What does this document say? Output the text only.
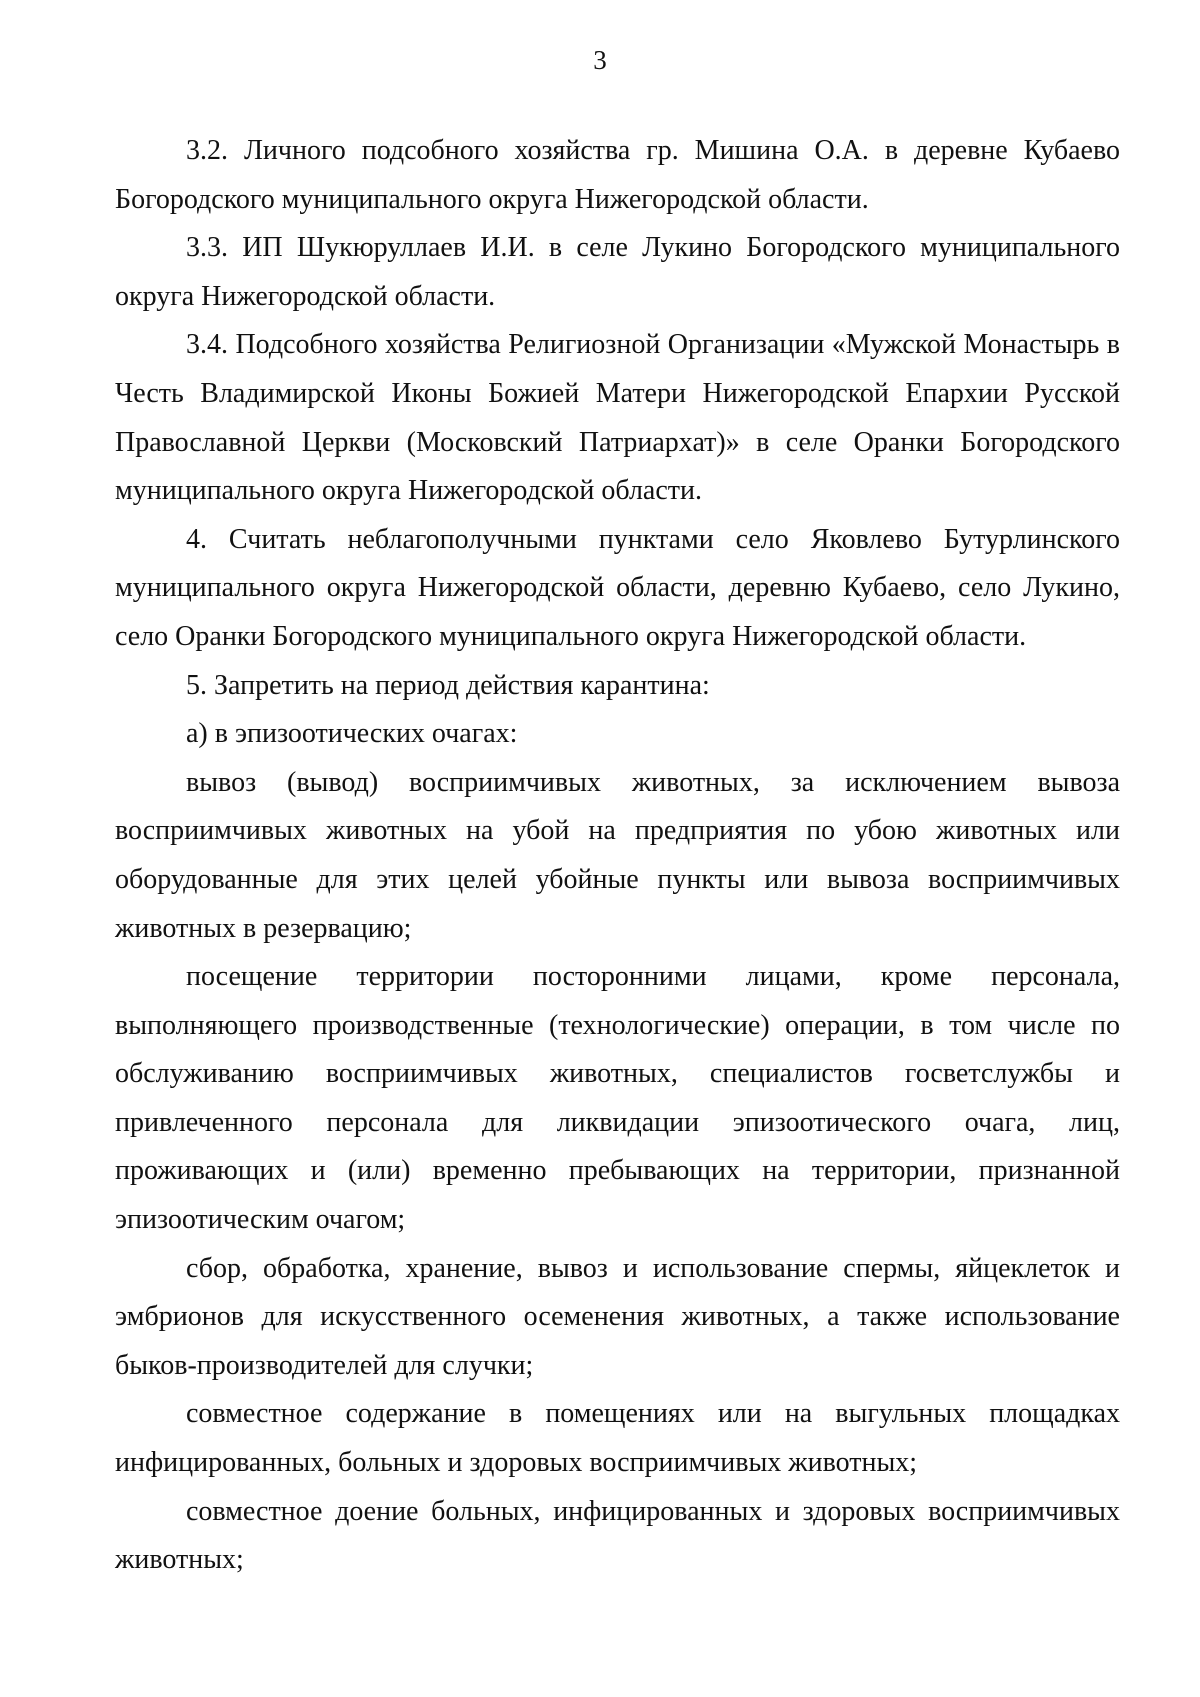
3

3.2. Личного подсобного хозяйства гр. Мишина О.А. в деревне Кубаево Богородского муниципального округа Нижегородской области.

3.3. ИП Шукюруллаев И.И. в селе Лукино Богородского муниципального округа Нижегородской области.

3.4. Подсобного хозяйства Религиозной Организации «Мужской Монастырь в Честь Владимирской Иконы Божией Матери Нижегородской Епархии Русской Православной Церкви (Московский Патриархат)» в селе Оранки Богородского муниципального округа Нижегородской области.

4. Считать неблагополучными пунктами село Яковлево Бутурлинского муниципального округа Нижегородской области, деревню Кубаево, село Лукино, село Оранки Богородского муниципального округа Нижегородской области.

5. Запретить на период действия карантина:

а) в эпизоотических очагах:

вывоз (вывод) восприимчивых животных, за исключением вывоза восприимчивых животных на убой на предприятия по убою животных или оборудованные для этих целей убойные пункты или вывоза восприимчивых животных в резервацию;

посещение территории посторонними лицами, кроме персонала, выполняющего производственные (технологические) операции, в том числе по обслуживанию восприимчивых животных, специалистов госветслужбы и привлеченного персонала для ликвидации эпизоотического очага, лиц, проживающих и (или) временно пребывающих на территории, признанной эпизоотическим очагом;

сбор, обработка, хранение, вывоз и использование спермы, яйцеклеток и эмбрионов для искусственного осеменения животных, а также использование быков-производителей для случки;

совместное содержание в помещениях или на выгульных площадках инфицированных, больных и здоровых восприимчивых животных;

совместное доение больных, инфицированных и здоровых восприимчивых животных;
